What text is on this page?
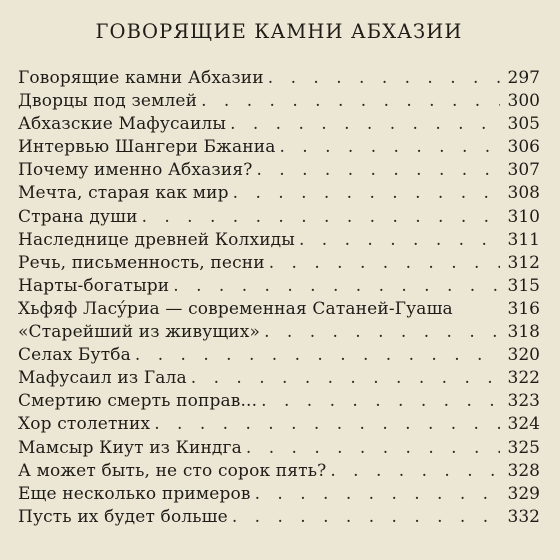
ГОВОРЯЩИЕ КАМНИ АБХАЗИИ
Говорящие камни Абхазии . . .	297
Дворцы под землей . . .	300
Абхазские Мафусаилы . . .	305
Интервью Шангери Бжаниа . . .	306
Почему именно Абхазия? . . .	307
Мечта, старая как мир . . .	308
Страна души . . .	310
Наследнице древней Колхиды . . .	311
Речь, письменность, песни . . .	312
Нарты-богатыри . . .	315
Хьфяф Ласýриа — современная Сатаней-Гуаша	316
«Старейший из живущих» . . .	318
Селах Бутба . . .	320
Мафусаил из Гала . . .	322
Смертию смерть поправ... . . .	323
Хор столетних . . .	324
Мамсыр Киут из Киндга . . .	325
А может быть, не сто сорок пять? . . .	328
Еще несколько примеров . . .	329
Пусть их будет больше . . .	332
